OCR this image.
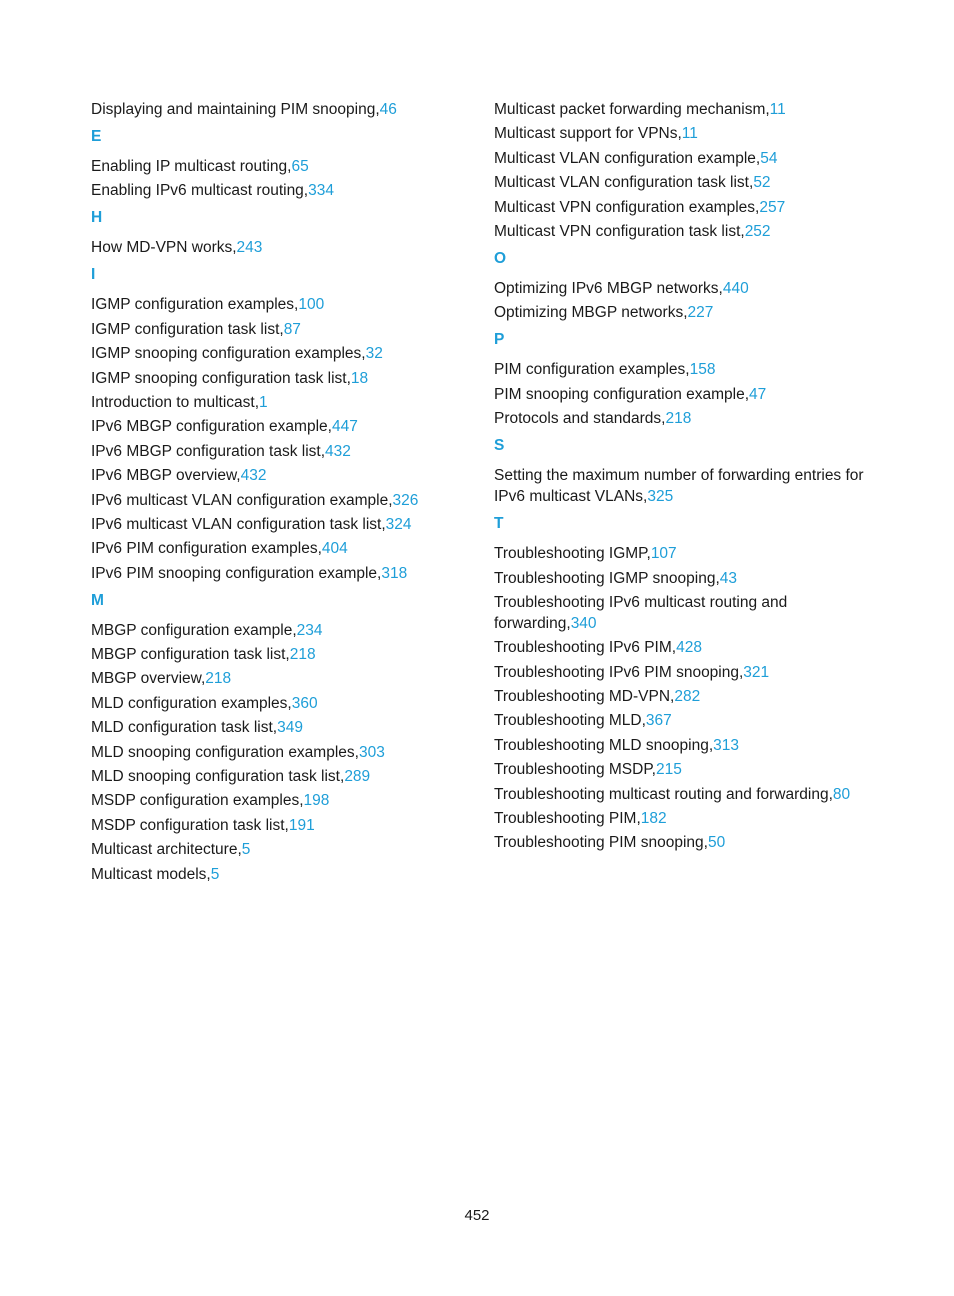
Displaying and maintaining PIM snooping,46
E
Enabling IP multicast routing,65
Enabling IPv6 multicast routing,334
H
How MD-VPN works,243
I
IGMP configuration examples,100
IGMP configuration task list,87
IGMP snooping configuration examples,32
IGMP snooping configuration task list,18
Introduction to multicast,1
IPv6 MBGP configuration example,447
IPv6 MBGP configuration task list,432
IPv6 MBGP overview,432
IPv6 multicast VLAN configuration example,326
IPv6 multicast VLAN configuration task list,324
IPv6 PIM configuration examples,404
IPv6 PIM snooping configuration example,318
M
MBGP configuration example,234
MBGP configuration task list,218
MBGP overview,218
MLD configuration examples,360
MLD configuration task list,349
MLD snooping configuration examples,303
MLD snooping configuration task list,289
MSDP configuration examples,198
MSDP configuration task list,191
Multicast architecture,5
Multicast models,5
Multicast packet forwarding mechanism,11
Multicast support for VPNs,11
Multicast VLAN configuration example,54
Multicast VLAN configuration task list,52
Multicast VPN configuration examples,257
Multicast VPN configuration task list,252
O
Optimizing IPv6 MBGP networks,440
Optimizing MBGP networks,227
P
PIM configuration examples,158
PIM snooping configuration example,47
Protocols and standards,218
S
Setting the maximum number of forwarding entries for IPv6 multicast VLANs,325
T
Troubleshooting IGMP,107
Troubleshooting IGMP snooping,43
Troubleshooting IPv6 multicast routing and forwarding,340
Troubleshooting IPv6 PIM,428
Troubleshooting IPv6 PIM snooping,321
Troubleshooting MD-VPN,282
Troubleshooting MLD,367
Troubleshooting MLD snooping,313
Troubleshooting MSDP,215
Troubleshooting multicast routing and forwarding,80
Troubleshooting PIM,182
Troubleshooting PIM snooping,50
452
